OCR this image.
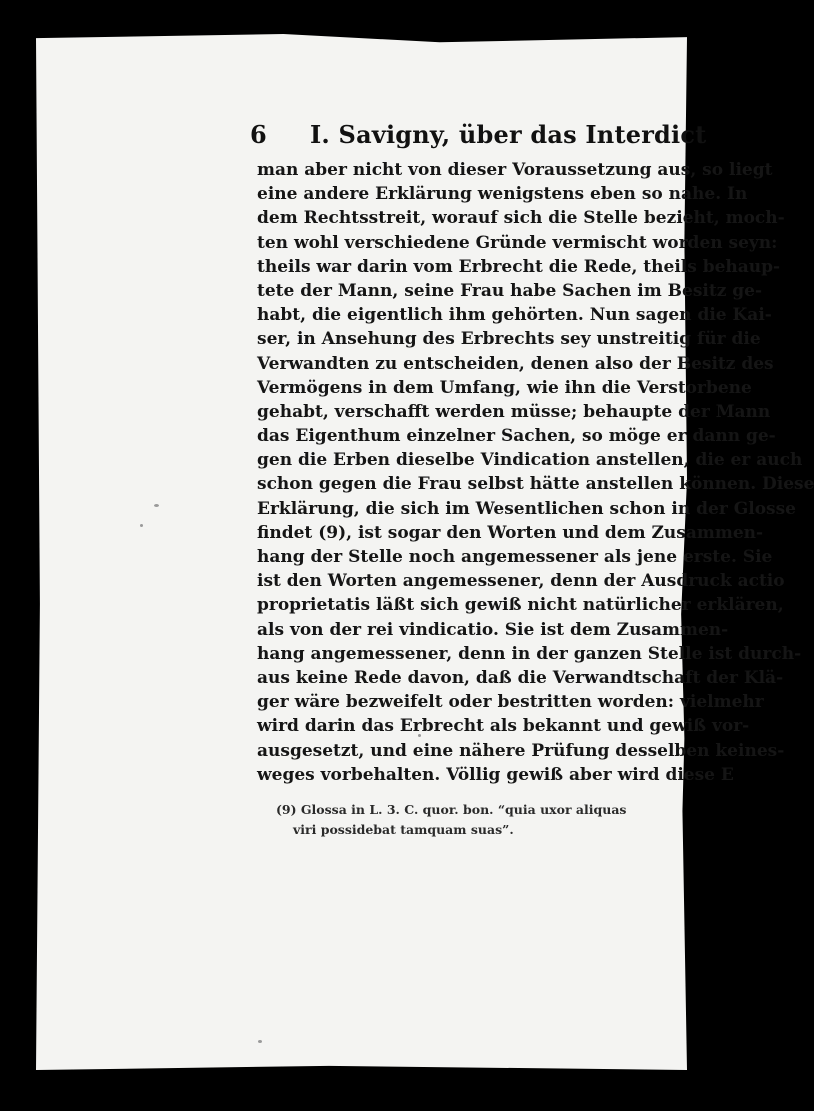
6 I. Savigny, über das Interdict
man aber nicht von dieser Voraussetzung aus, so liegt
eine andere Erklärung wenigstens eben so nahe. In
dem Rechtsstreit, worauf sich die Stelle bezieht, moch-
ten wohl verschiedene Gründe vermischt worden seyn:
theils war darin vom Erbrecht die Rede, theils behaup-
tete der Mann, seine Frau habe Sachen im Besitz ge-
habt, die eigentlich ihm gehörten. Nun sagen die Kai-
ser, in Ansehung des Erbrechts sey unstreitig für die
Verwandten zu entscheiden, denen also der Besitz des
Vermögens in dem Umfang, wie ihn die Verstorbene
gehabt, verschafft werden müsse; behaupte der Mann
das Eigenthum einzelner Sachen, so möge er dann ge-
gen die Erben dieselbe Vindication anstellen, die er auch
schon gegen die Frau selbst hätte anstellen können. Diese
Erklärung, die sich im Wesentlichen schon in der Glosse
findet (9), ist sogar den Worten und dem Zusammen-
hang der Stelle noch angemessener als jene erste. Sie
ist den Worten angemessener, denn der Ausdruck actio
proprietatis läßt sich gewiß nicht natürlicher erklären,
als von der rei vindicatio. Sie ist dem Zusammen-
hang angemessener, denn in der ganzen Stelle ist durch-
aus keine Rede davon, daß die Verwandtschaft der Klä-
ger wäre bezweifelt oder bestritten worden: vielmehr
wird darin das Erbrecht als bekannt und gewiß vor-
ausgesetzt, und eine nähere Prüfung desselben keines-
weges vorbehalten. Völlig gewiß aber wird diese E
(9) Glossa in L. 3. C. quor. bon. “quia uxor aliquas
viri possidebat tamquam suas”.
